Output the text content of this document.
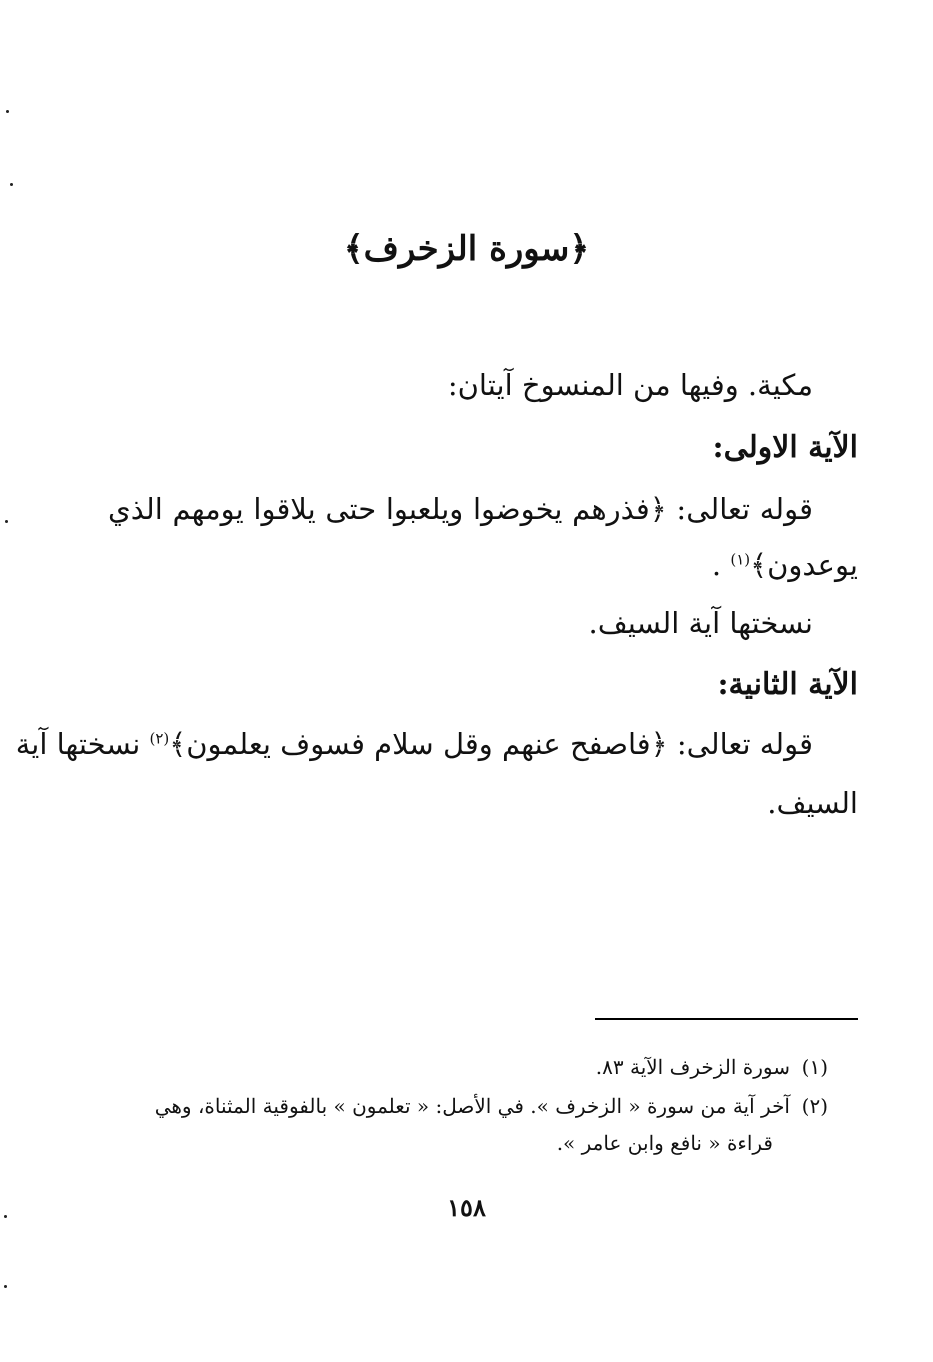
﴿سورة الزخرف﴾
مكية. وفيها من المنسوخ آيتان:
الآية الاولى:
قوله تعالى: ﴿فذرهم يخوضوا ويلعبوا حتى يلاقوا يومهم الذي
يوعدون﴾$^{(١)}$ .
نسختها آية السيف.
الآية الثانية:
قوله تعالى: ﴿فاصفح عنهم وقل سلام فسوف يعلمون﴾$^{(٢)}$ نسختها آية
السيف.
(١)سورة الزخرف الآية ٨٣.
(٢)آخر آية من سورة « الزخرف ». في الأصل: « تعلمون » بالفوقية المثناة، وهي
قراءة « نافع وابن عامر ».
١٥٨
